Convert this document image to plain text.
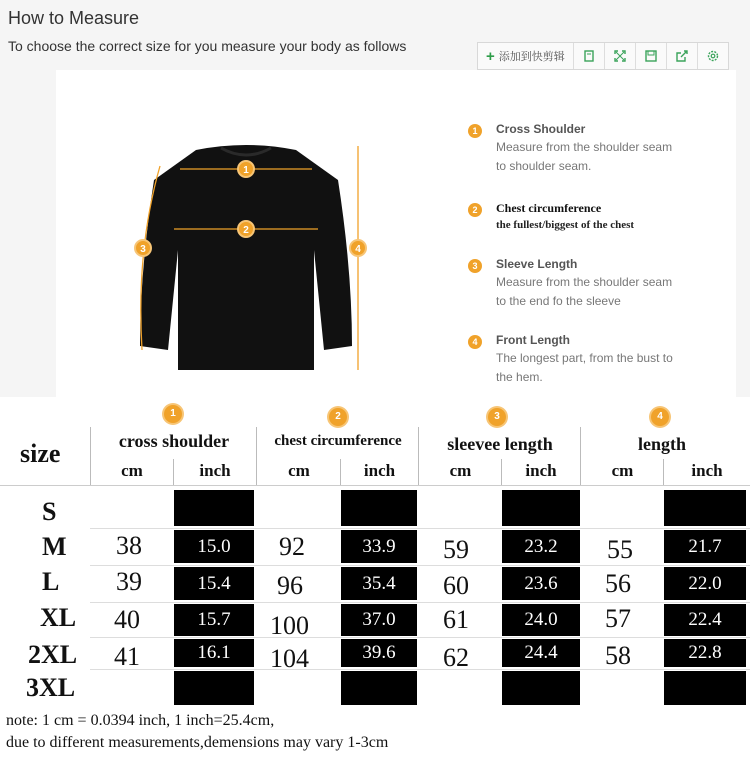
How to Measure
To choose the correct size for you measure your body as follows
+ 添加到快剪辑
1
2
3	4
1	Cross Shoulder
Measure from the shoulder seam
to shoulder seam.
2	Chest circumference
the fullest/biggest of the chest
3	Sleeve Length
Measure from the shoulder seam
to the end fo the sleeve
4	Front Length
The longest part, from the bust to
the hem.
size
1
cross shoulder
cm	inch
2
chest circumference
cm	inch
3
sleevee length
cm	inch
4
length
cm	inch
S
M 38	15.0	92	33.9	59	23.2	55	21.7
L 39	15.4	96	35.4	60	23.6	56	22.0
XL 40	15.7	100	37.0	61	24.0	57	22.4
2XL 41	16.1	104	39.6	62	24.4	58	22.8
3XL
note: 1 cm = 0.0394 inch, 1 inch=25.4cm,
due to different measurements,demensions may vary 1-3cm
